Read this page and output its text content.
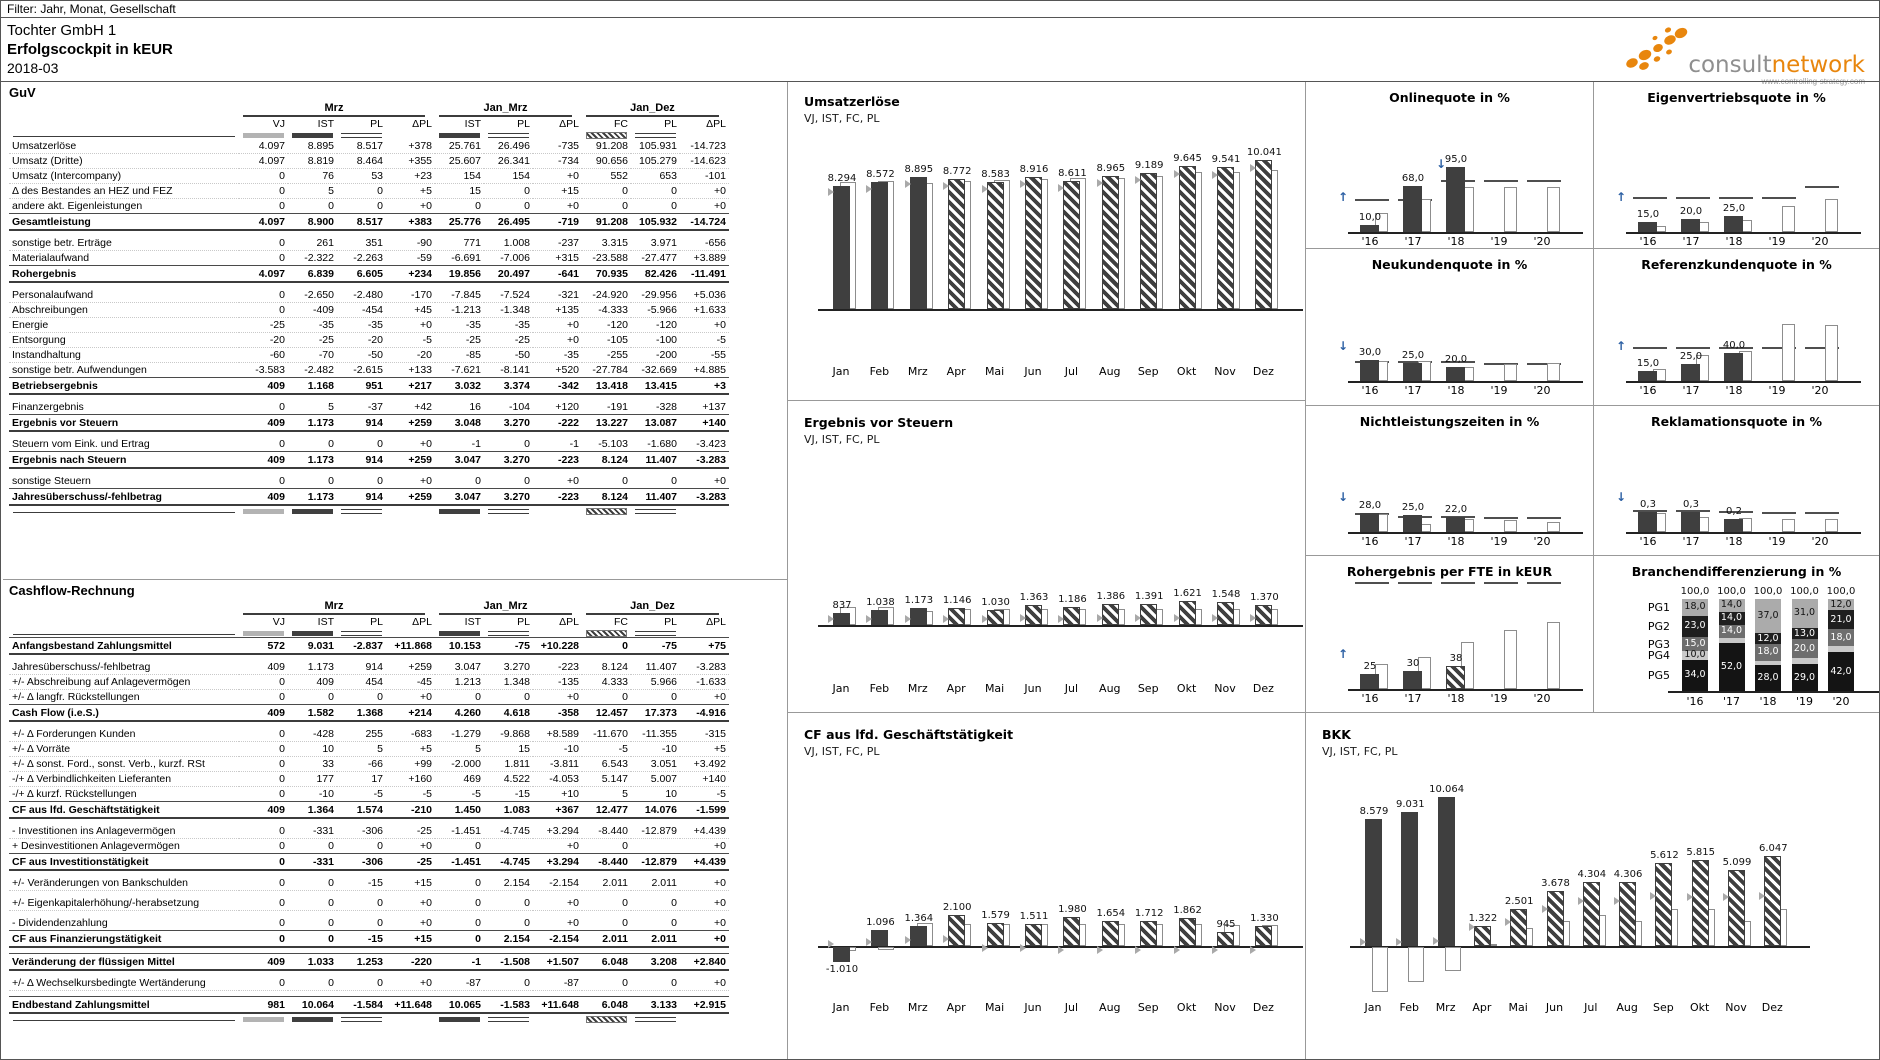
Filter: Jahr, Monat, Gesellschaft
Tochter GmbH 1
Erfolgscockpit in kEUR
2018-03	consultnetwork
GuV

	Mrz				Jan_Mrz			Jan_Dez		

	VJ	IST	PL	ΔPL	IST	PL	ΔPL	FC	PL	ΔPL

Umsatzerlöse	4.097	8.895	8.517	+378	25.761	26.496	-735	91.208	105.931	-14.723
Umsatz (Dritte)	4.097	8.819	8.464	+355	25.607	26.341	-734	90.656	105.279	-14.623
Umsatz (Intercompany)	0	76	53	+23	154	154	+0	552	653	-101
Δ des Bestandes an HEZ und FEZ	0	5	0	+5	15	0	+15	0	0	+0
andere akt. Eigenleistungen	0	0	0	+0	0	0	+0	0	0	+0
Gesamtleistung	4.097	8.900	8.517	+383	25.776	26.495	-719	91.208	105.932	-14.724

sonstige betr. Erträge	0	261	351	-90	771	1.008	-237	3.315	3.971	-656
Materialaufwand	0	-2.322	-2.263	-59	-6.691	-7.006	+315	-23.588	-27.477	+3.889
Rohergebnis	4.097	6.839	6.605	+234	19.856	20.497	-641	70.935	82.426	-11.491

Personalaufwand	0	-2.650	-2.480	-170	-7.845	-7.524	-321	-24.920	-29.956	+5.036
Abschreibungen	0	-409	-454	+45	-1.213	-1.348	+135	-4.333	-5.966	+1.633
Energie	-25	-35	-35	+0	-35	-35	+0	-120	-120	+0
Entsorgung	-20	-25	-20	-5	-25	-25	+0	-105	-100	-5
Instandhaltung	-60	-70	-50	-20	-85	-50	-35	-255	-200	-55
sonstige betr. Aufwendungen	-3.583	-2.482	-2.615	+133	-7.621	-8.141	+520	-27.784	-32.669	+4.885
Betriebsergebnis	409	1.168	951	+217	3.032	3.374	-342	13.418	13.415	+3

Finanzergebnis	0	5	-37	+42	16	-104	+120	-191	-328	+137
Ergebnis vor Steuern	409	1.173	914	+259	3.048	3.270	-222	13.227	13.087	+140

Steuern vom Eink. und Ertrag	0	0	0	+0	-1	0	-1	-5.103	-1.680	-3.423
Ergebnis nach Steuern	409	1.173	914	+259	3.047	3.270	-223	8.124	11.407	-3.283

sonstige Steuern	0	0	0	+0	0	0	+0	0	0	+0
Jahresüberschuss/-fehlbetrag	409	1.173	914	+259	3.047	3.270	-223	8.124	11.407	-3.283

Cashflow-Rechnung

	Mrz				Jan_Mrz			Jan_Dez		

	VJ	IST	PL	ΔPL	IST	PL	ΔPL	FC	PL	ΔPL

Anfangsbestand Zahlungsmittel	572	9.031	-2.837	+11.868	10.153	-75	+10.228	0	-75	+75

Jahresüberschuss/-fehlbetrag	409	1.173	914	+259	3.047	3.270	-223	8.124	11.407	-3.283
+/- Abschreibung auf Anlagevermögen	0	409	454	-45	1.213	1.348	-135	4.333	5.966	-1.633
+/- Δ langfr. Rückstellungen	0	0	0	+0	0	0	+0	0	0	+0
Cash Flow (i.e.S.)	409	1.582	1.368	+214	4.260	4.618	-358	12.457	17.373	-4.916

+/- Δ Forderungen Kunden	0	-428	255	-683	-1.279	-9.868	+8.589	-11.670	-11.355	-315
+/- Δ Vorräte	0	10	5	+5	5	15	-10	-5	-10	+5
+/- Δ sonst. Ford., sonst. Verb., kurzf. RSt	0	33	-66	+99	-2.000	1.811	-3.811	6.543	3.051	+3.492
-/+ Δ Verbindlichkeiten Lieferanten	0	177	17	+160	469	4.522	-4.053	5.147	5.007	+140
-/+ Δ kurzf. Rückstellungen	0	-10	-5	-5	-5	-15	+10	5	10	-5
CF aus lfd. Geschäftstätigkeit	409	1.364	1.574	-210	1.450	1.083	+367	12.477	14.076	-1.599

- Investitionen ins Anlagevermögen	0	-331	-306	-25	-1.451	-4.745	+3.294	-8.440	-12.879	+4.439
+ Desinvestitionen Anlagevermögen	0	0	0	+0	0		+0	0		+0
CF aus Investitionstätigkeit	0	-331	-306	-25	-1.451	-4.745	+3.294	-8.440	-12.879	+4.439

+/- Veränderungen von Bankschulden	0	0	-15	+15	0	2.154	-2.154	2.011	2.011	+0

+/- Eigenkapitalerhöhung/-herabsetzung	0	0	0	+0	0	0	+0	0	0	+0

- Dividendenzahlung	0	0	0	+0	0	0	+0	0	0	+0
CF aus Finanzierungstätigkeit	0	0	-15	+15	0	2.154	-2.154	2.011	2.011	+0

Veränderung der flüssigen Mittel	409	1.033	1.253	-220	-1	-1.508	+1.507	6.048	3.208	+2.840

+/- Δ Wechselkursbedingte Wertänderung	0	0	0	+0	-87	0	-87	0	0	+0

Endbestand Zahlungsmittel	981	10.064	-1.584	+11.648	10.065	-1.583	+11.648	6.048	3.133	+2.915

Umsatzerlöse
VJ, IST, FC, PL
8.294
Jan
8.572
Feb
8.895
Mrz
8.772
Apr
8.583
Mai
8.916
Jun
8.611
Jul
8.965
Aug
9.189
Sep
9.645
Okt
9.541
Nov
10.041
Dez
Ergebnis vor Steuern
VJ, IST, FC, PL
837
Jan
1.038
Feb
1.173
Mrz
1.146
Apr
1.030
Mai
1.363
Jun
1.186
Jul
1.386
Aug
1.391
Sep
1.621
Okt
1.548
Nov
1.370
Dez
CF aus lfd. Geschäftstätigkeit
VJ, IST, FC, PL
-1.010
Jan
1.096
Feb
1.364
Mrz
2.100
Apr
1.579
Mai
1.511
Jun
1.980
Jul
1.654
Aug
1.712
Sep
1.862
Okt
945
Nov
1.330
Dez
Onlinequote in %
10,0
'16
68,0
'17
95,0
↓
'18	'19	'20
↑
Eigenvertriebsquote in %
15,0
'16
20,0
'17
25,0
'18	'19	'20
↑
Neukundenquote in %
30,0
'16
25,0
'17
20,0
'18	'19	'20
↓
Referenzkundenquote in %
15,0
'16
25,0
'17
40,0
'18	'19	'20
↑
Nichtleistungszeiten in %
28,0
'16
25,0
'17
22,0
'18	'19	'20
↓
Reklamationsquote in %
0,3
'16
0,3
'17
0,2
'18	'19	'20
↓
Rohergebnis per FTE in kEUR
25
'16
30
'17
38
'18	'19	'20
↑
Branchendifferenzierung in %
100,0
18,0
23,0
15,0
10,0
34,0
'16
PG1
PG2
PG3
PG4
PG5
100,0
14,0
14,0
14,0
52,0
'17
100,0
37,0
12,0
18,0
28,0
'18
100,0
31,0
13,0
20,0
29,0
'19
100,0
12,0
21,0
18,0
42,0
'20
BKK
VJ, IST, FC, PL
8.579
Jan
9.031
Feb
10.064
Mrz
1.322
Apr
2.501
Mai
3.678
Jun
4.304
Jul
4.306
Aug
5.612
Sep
5.815
Okt
5.099
Nov
6.047
Dez
